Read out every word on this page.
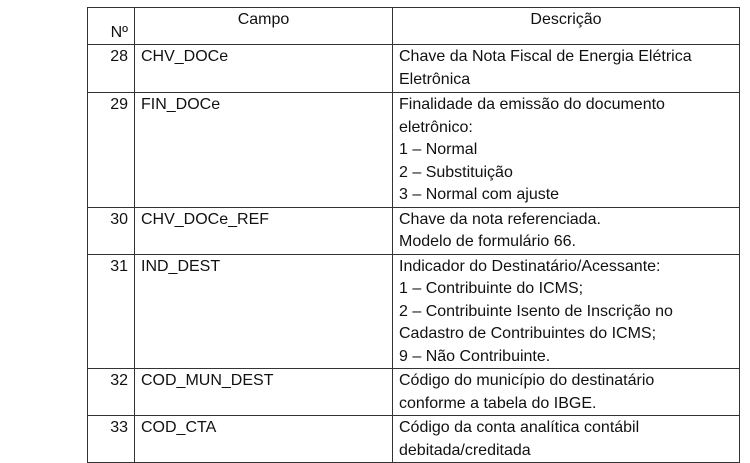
Nº	Campo	Descrição
28	CHV_DOCe	Chave da Nota Fiscal de Energia Elétrica
Eletrônica

29	FIN_DOCe	Finalidade da emissão do documento
eletrônico:
1 – Normal
2 – Substituição
3 – Normal com ajuste

30	CHV_DOCe_REF	Chave da nota referenciada.
Modelo de formulário 66.

31	IND_DEST	Indicador do Destinatário/Acessante:
1 – Contribuinte do ICMS;
2 – Contribuinte Isento de Inscrição no
Cadastro de Contribuintes do ICMS;
9 – Não Contribuinte.

32	COD_MUN_DEST	Código do município do destinatário
conforme a tabela do IBGE.

33	COD_CTA	Código da conta analítica contábil
debitada/creditada
